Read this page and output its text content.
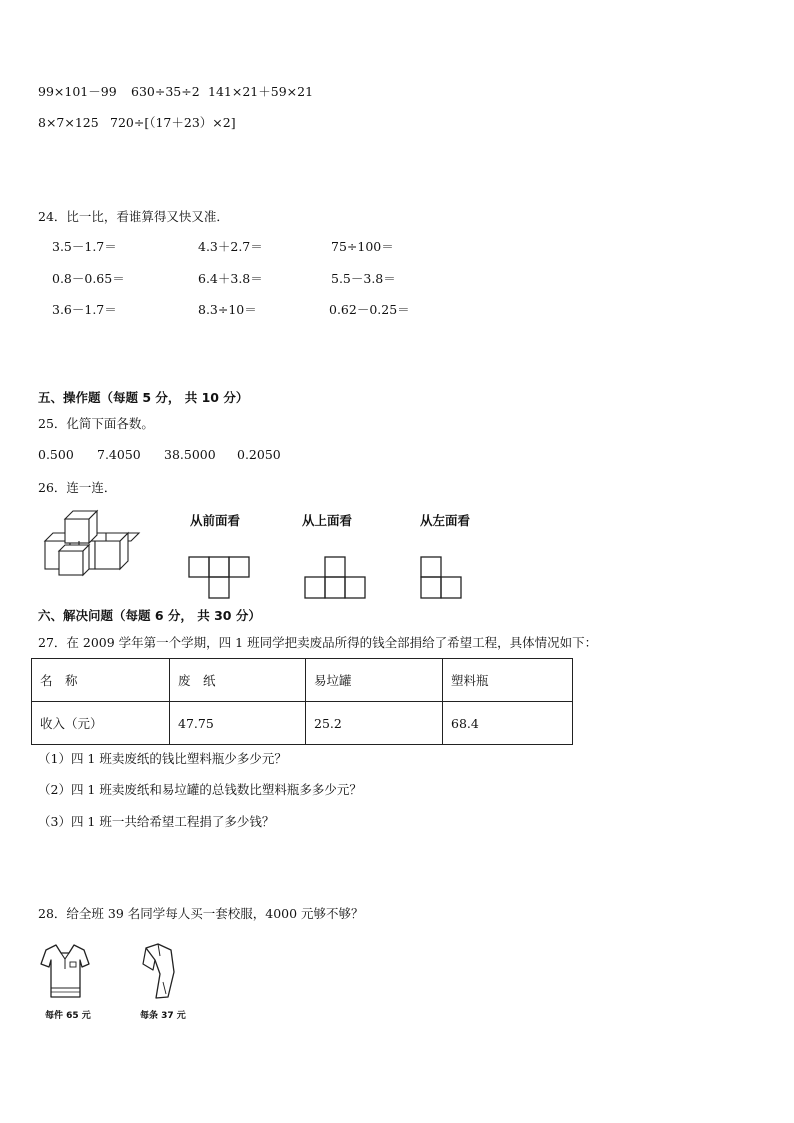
99×101－99 630÷35÷2 141×21＋59×21
8×7×125 720÷[（17＋23）×2]
24．比一比，看谁算得又快又准．
3.5－1.7＝	4.3＋2.7＝	75÷100＝
0.8－0.65＝	6.4＋3.8＝	5.5－3.8＝
3.6－1.7＝	8.3÷10＝	0.62－0.25＝
五、操作题（每题 5 分， 共 10 分）
25．化简下面各数。
0.500 7.4050 38.5000 0.2050
26．连一连．
从前面看	从上面看	从左面看
六、解决问题（每题 6 分， 共 30 分）
27．在 2009 学年第一个学期，四 1 班同学把卖废品所得的钱全部捐给了希望工程，具体情况如下：
名　称	废　纸	易垃罐	塑料瓶
收入（元）	47.75	25.2	68.4
（1）四 1 班卖废纸的钱比塑料瓶少多少元？
（2）四 1 班卖废纸和易垃罐的总钱数比塑料瓶多多少元？
（3）四 1 班一共给希望工程捐了多少钱？
28．给全班 39 名同学每人买一套校服，4000 元够不够？
每件 65 元	每条 37 元
